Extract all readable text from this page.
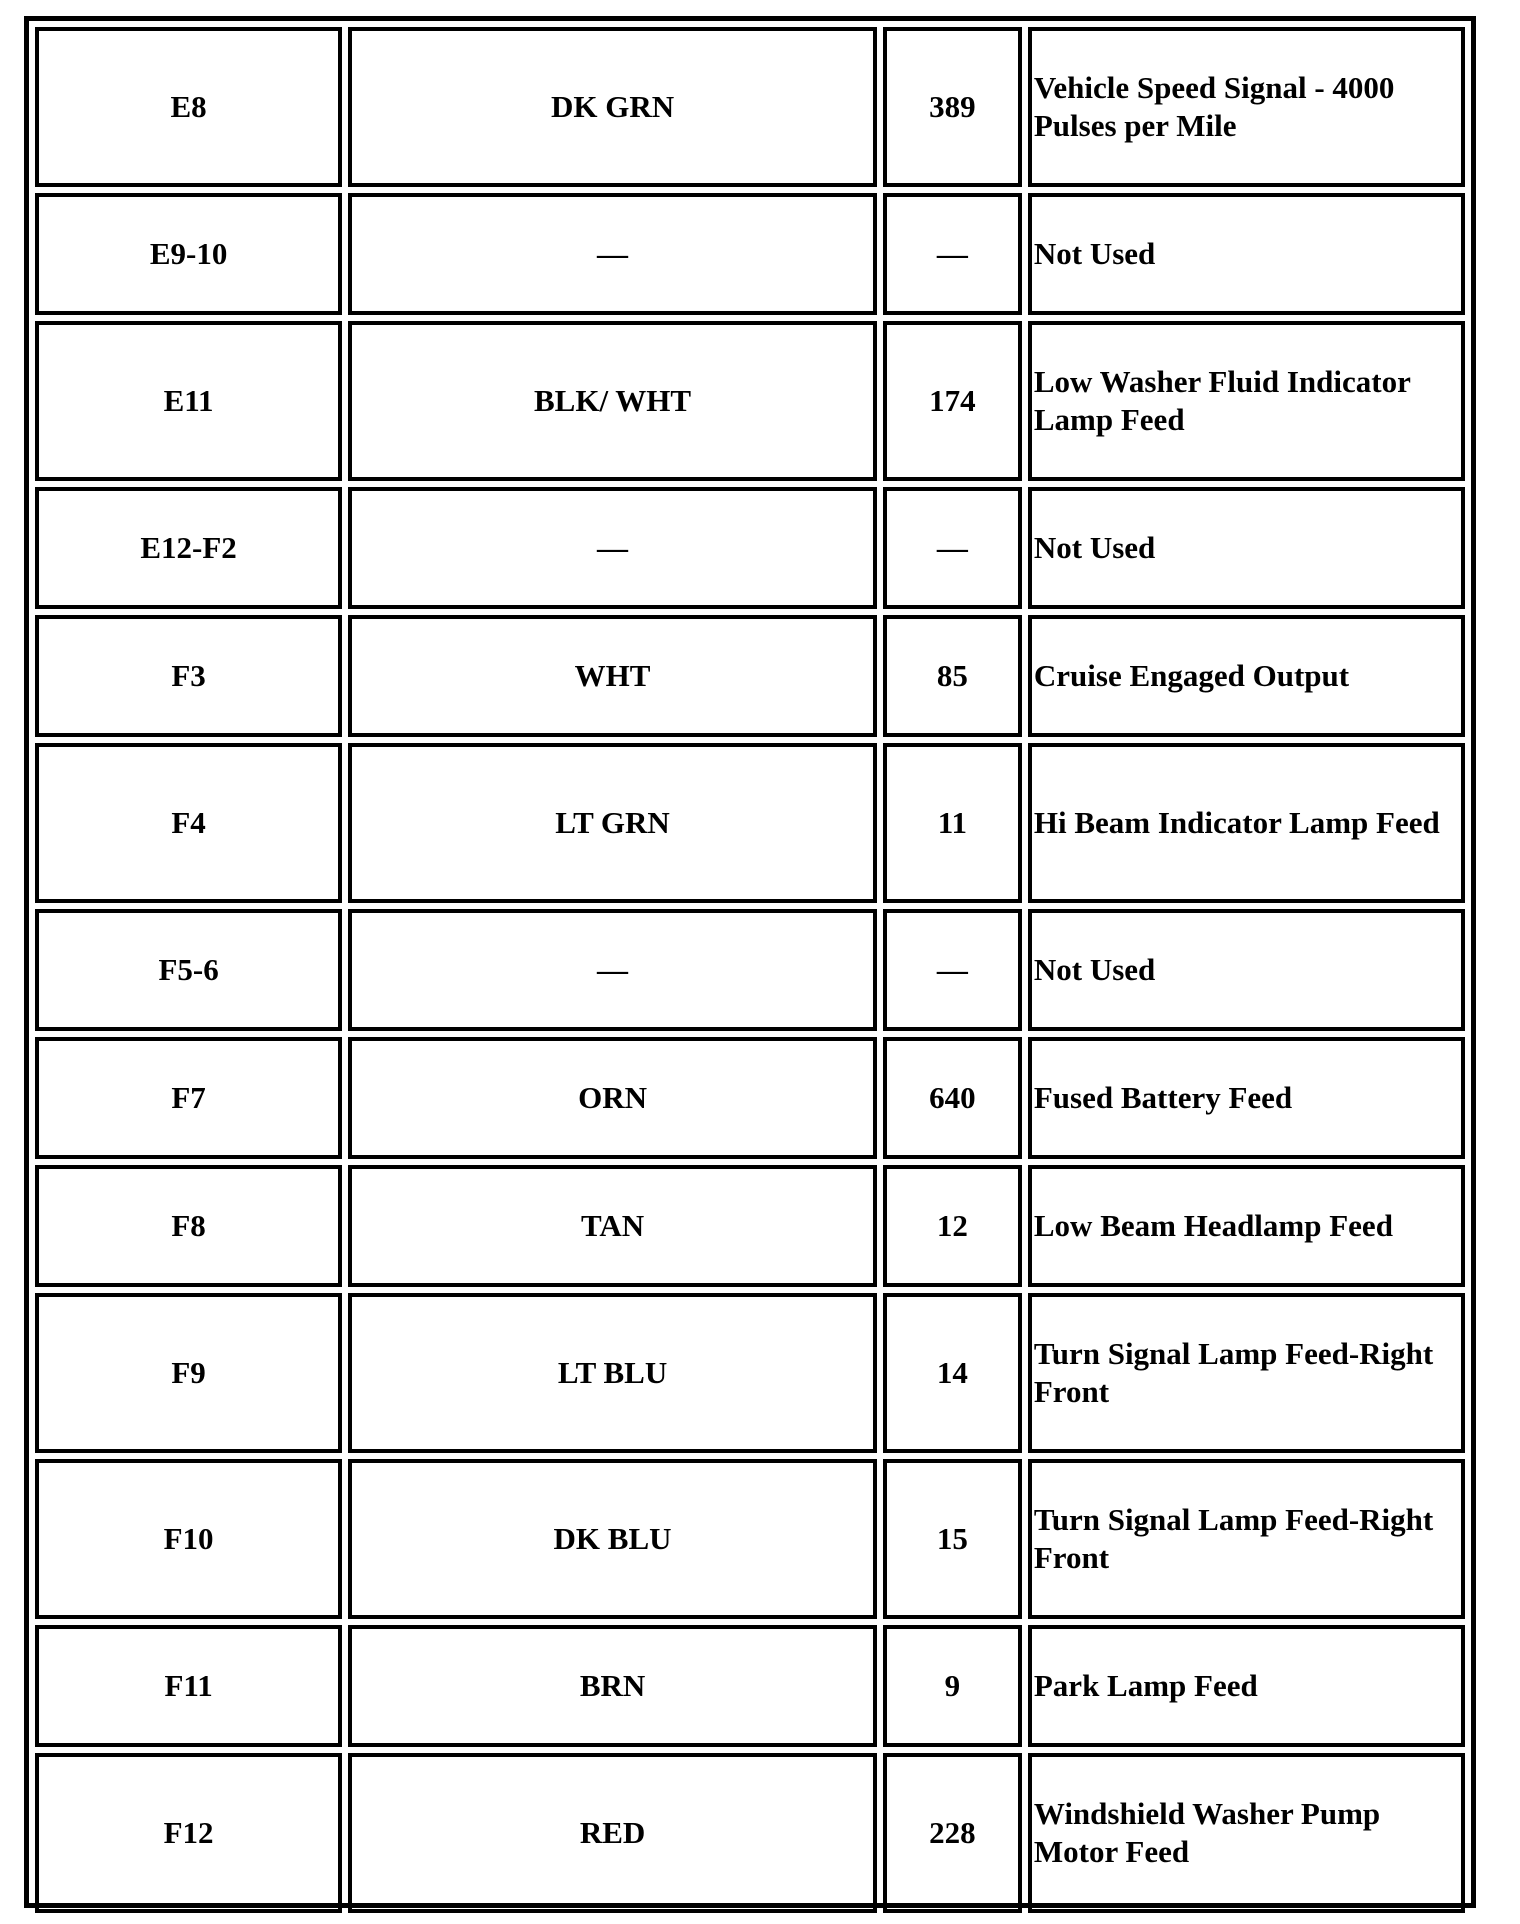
E8	DK GRN	389	Vehicle Speed Signal - 4000 Pulses per Mile
E9-10	—	—	Not Used
E11	BLK/ WHT	174	Low Washer Fluid Indicator Lamp Feed
E12-F2	—	—	Not Used
F3	WHT	85	Cruise Engaged Output
F4	LT GRN	11	Hi Beam Indicator Lamp Feed
F5-6	—	—	Not Used
F7	ORN	640	Fused Battery Feed
F8	TAN	12	Low Beam Headlamp Feed
F9	LT BLU	14	Turn Signal Lamp Feed-Right Front
F10	DK BLU	15	Turn Signal Lamp Feed-Right Front
F11	BRN	9	Park Lamp Feed
F12	RED	228	Windshield Washer Pump Motor Feed
